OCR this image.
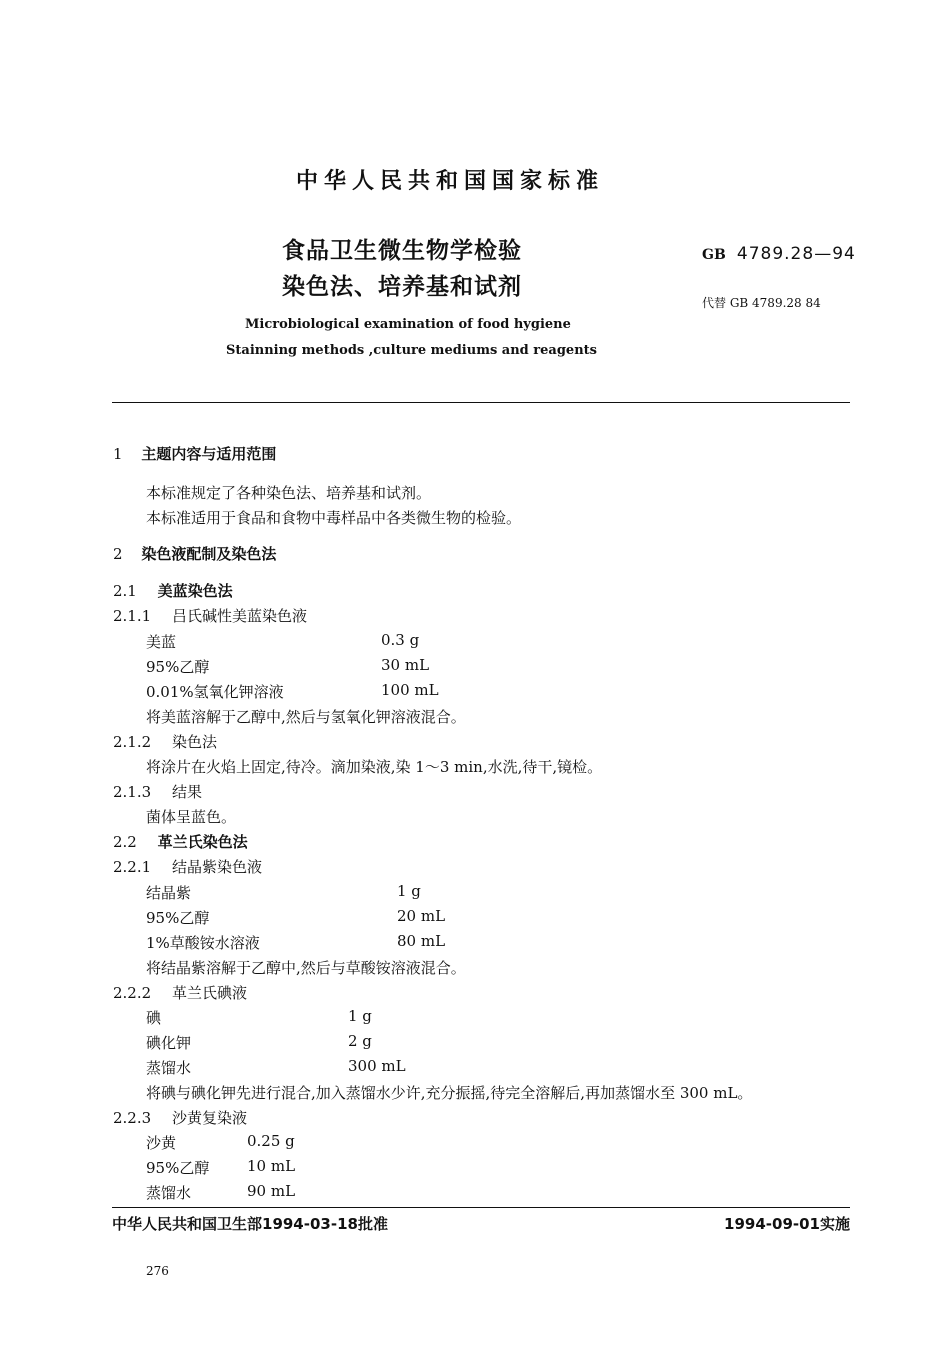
中华人民共和国国家标准
食品卫生微生物学检验
染色法、培养基和试剂
GB 4789.28—94
代替 GB 4789.28 84
Microbiological examination of food hygiene
Stainning methods ,culture mediums and reagents
1 主题内容与适用范围
本标准规定了各种染色法、培养基和试剂。
本标准适用于食品和食物中毒样品中各类微生物的检验。
2 染色液配制及染色法
2.1 美蓝染色法
2.1.1 吕氏碱性美蓝染色液
美蓝	0.3 g
95%乙醇	30 mL
0.01%氢氧化钾溶液	100 mL
将美蓝溶解于乙醇中,然后与氢氧化钾溶液混合。
2.1.2 染色法
将涂片在火焰上固定,待冷。滴加染液,染 1～3 min,水洗,待干,镜检。
2.1.3 结果
菌体呈蓝色。
2.2 革兰氏染色法
2.2.1 结晶紫染色液
结晶紫	1 g
95%乙醇	20 mL
1%草酸铵水溶液	80 mL
将结晶紫溶解于乙醇中,然后与草酸铵溶液混合。
2.2.2 革兰氏碘液
碘	1 g
碘化钾	2 g
蒸馏水	300 mL
将碘与碘化钾先进行混合,加入蒸馏水少许,充分振摇,待完全溶解后,再加蒸馏水至 300 mL。
2.2.3 沙黄复染液
沙黄	0.25 g
95%乙醇	10 mL
蒸馏水	90 mL
中华人民共和国卫生部1994-03-18批准	1994-09-01实施
276
